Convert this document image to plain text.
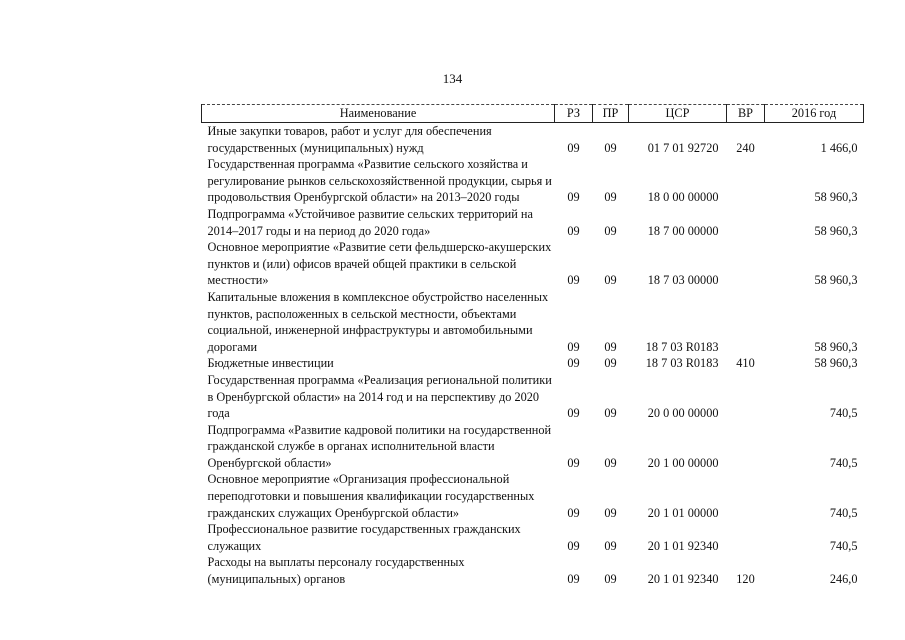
134
Наименование	РЗ	ПР	ЦСР	ВР	2016 год
Иные закупки товаров, работ и услуг для обеспечения государственных (муниципальных) нужд	09	09	01 7 01 92720	240	1 466,0
Государственная программа «Развитие сельского хозяйства и регулирование рынков сельскохозяйственной продукции, сырья и продовольствия Оренбургской области» на 2013–2020 годы	09	09	18 0 00 00000		58 960,3
Подпрограмма «Устойчивое развитие сельских территорий на 2014–2017 годы и на период до 2020 года»	09	09	18 7 00 00000		58 960,3
Основное мероприятие «Развитие сети фельдшерско-акушерских пунктов и (или) офисов врачей общей практики в сельской местности»	09	09	18 7 03 00000		58 960,3
Капитальные вложения в комплексное обустройство населенных пунктов, расположенных в сельской местности, объектами социальной, инженерной инфраструктуры и автомобильными дорогами	09	09	18 7 03 R0183		58 960,3
Бюджетные инвестиции	09	09	18 7 03 R0183	410	58 960,3
Государственная программа «Реализация региональной политики в Оренбургской области» на 2014 год и на перспективу до 2020 года	09	09	20 0 00 00000		740,5
Подпрограмма «Развитие кадровой политики на государственной гражданской службе в органах исполнительной власти Оренбургской области»	09	09	20 1 00 00000		740,5
Основное мероприятие «Организация профессиональной переподготовки и повышения квалификации государственных гражданских служащих Оренбургской области»	09	09	20 1 01 00000		740,5
Профессиональное развитие государственных гражданских служащих	09	09	20 1 01 92340		740,5
Расходы на выплаты персоналу государственных (муниципальных) органов	09	09	20 1 01 92340	120	246,0
